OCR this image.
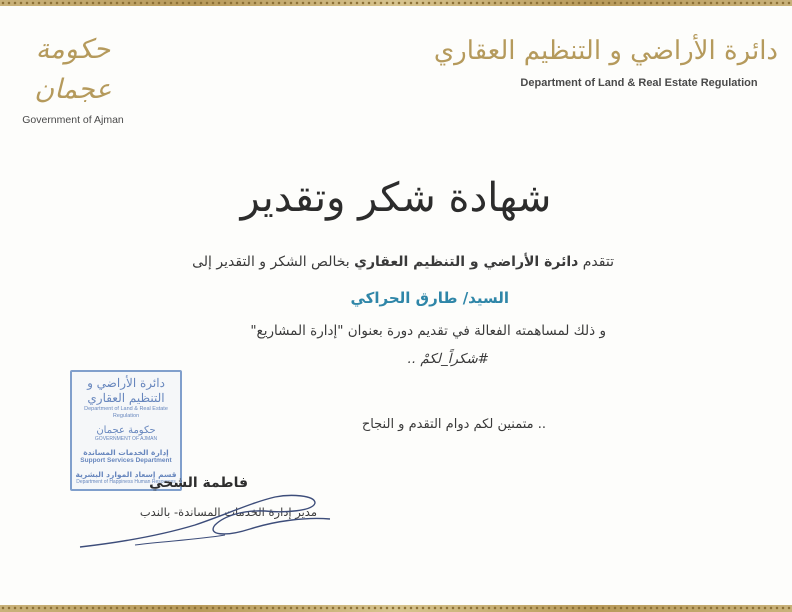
حكومة عجمان
Government of Ajman
دائرة الأراضي و التنظيم العقاري
Department of Land & Real Estate Regulation
شهادة شكر وتقدير
تتقدم دائرة الأراضي و التنظيم العقاري بخالص الشكر و التقدير إلى
السيد/ طارق الحراكي
و ذلك لمساهمته الفعالة في تقديم دورة بعنوان "إدارة المشاريع"
#شكراً_لكمْ ..
.. متمنين لكم دوام التقدم و النجاح
دائرة الأراضي و التنظيم العقاري
Department of Land & Real Estate Regulation
حكومة عجمان
GOVERNMENT OF AJMAN
إدارة الخدمات المساندة
Support Services Department
قسم إسعاد الموارد البشرية
Department of Happiness Human Resources
فاطمة الشحي
مدير إدارة الخدمات المساندة- بالندب
